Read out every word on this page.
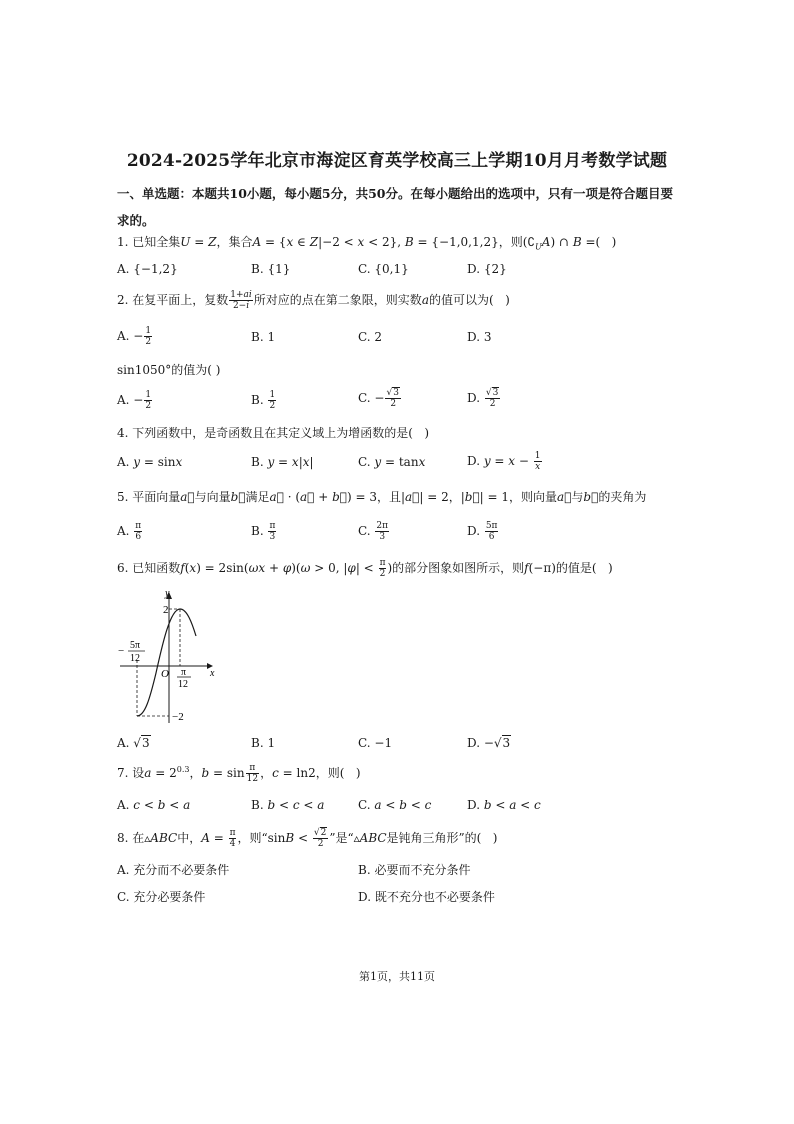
2024-2025学年北京市海淀区育英学校高三上学期10月月考数学试题
一、单选题：本题共10小题，每小题5分，共50分。在每小题给出的选项中，只有一项是符合题目要求的。
1. 已知全集U = Z，集合A = {x ∈ Z|−2 < x < 2}, B = {−1,0,1,2}，则$(∁_UA)$ ∩ B =(   )
A. {−1,2}	B. {1}	C. {0,1}	D. {2}
2. 在复平面上，复数 $\frac{1+ai}{2-i}$ 所对应的点在第二象限，则实数a的值可以为(   )
A. − $\frac{1}{2}$	B. 1	C. 2	D. 3
sin1050°的值为( )
A. − $\frac{1}{2}$	B. $\frac{1}{2}$	C. − $\frac{√3}{2}$	D. $\frac{√3}{2}$
4. 下列函数中，是奇函数且在其定义域上为增函数的是(   )
A. y = sinx	B. y = x|x|	C. y = tanx	D. $y = x - \frac{1}{x}$
5. 平面向量a⃗与向量b⃗满足a⃗ · (a⃗ + b⃗) = 3，且|a⃗| = 2，|b⃗| = 1，则向量a⃗与b⃗的夹角为
A. $\frac{\pi}{6}$	B. $\frac{\pi}{3}$	C. $\frac{2\pi}{3}$	D. $\frac{5\pi}{6}$
6. 已知函数f(x) = 2sin(ωx + φ)(ω > 0, $|\varphi| < \frac{\pi}{2}$ )的部分图象如图所示，则f(−π)的值是(   )
y
x
O
2
−2
− 5π
12
π
12
A. √3	B. 1	C. −1	D. −√3
7. 设$a = 2^{0.3}$，$b = \sin \frac{\pi}{12}$ ，c = ln2，则(   )
A. c < b < a	B. b < c < a	C. a < b < c	D. b < a < c
8. 在▵ABC中，$A = \frac{\pi}{4}$ ，则“$\sin B < \frac{√2}{2}$ ”是“▵ABC是钝角三角形”的(   )
A. 充分而不必要条件	B. 必要而不充分条件
C. 充分必要条件	D. 既不充分也不必要条件
第1页，共11页
